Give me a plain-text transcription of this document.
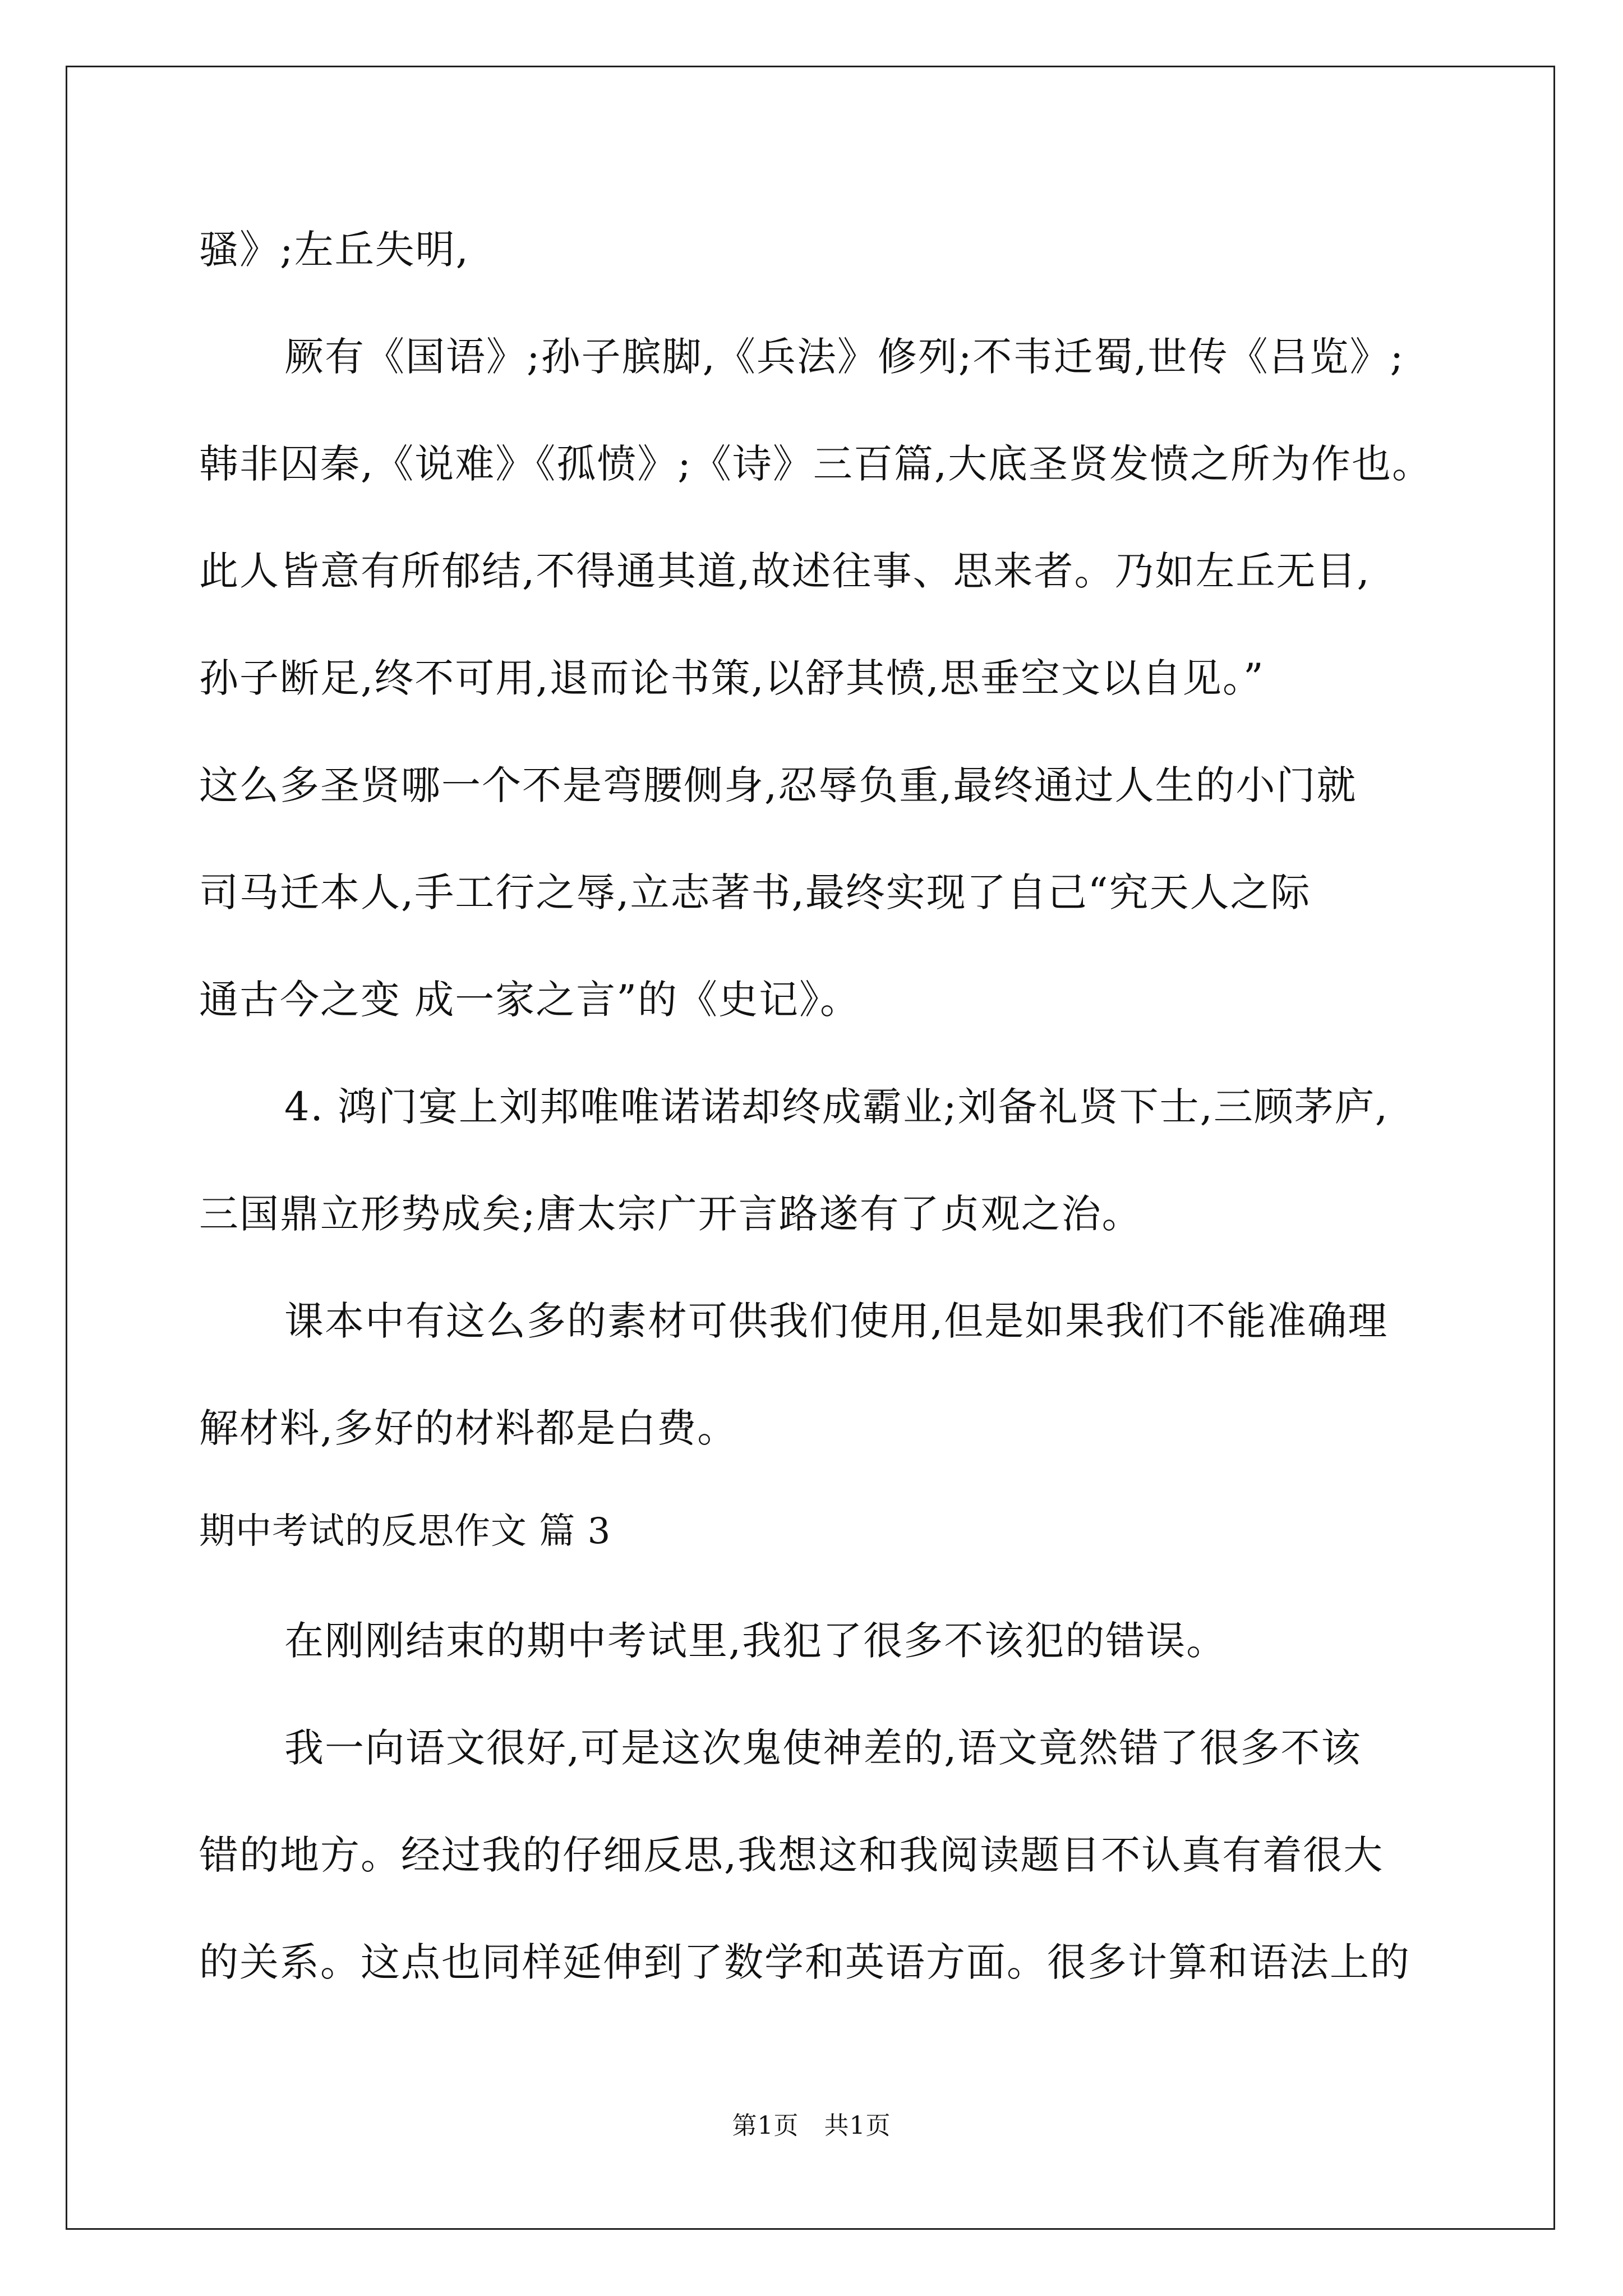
骚》;左丘失明,
厥有《国语》;孙子膑脚,《兵法》修列;不韦迁蜀,世传《吕览》;
韩非囚秦,《说难》《孤愤》;《诗》三百篇,大底圣贤发愤之所为作也。
此人皆意有所郁结,不得通其道,故述往事、思来者。乃如左丘无目,
孙子断足,终不可用,退而论书策,以舒其愤,思垂空文以自见。”
这么多圣贤哪一个不是弯腰侧身,忍辱负重,最终通过人生的小门就
司马迁本人,手工行之辱,立志著书,最终实现了自己“究天人之际
通古今之变 成一家之言”的《史记》。
4. 鸿门宴上刘邦唯唯诺诺却终成霸业;刘备礼贤下士,三顾茅庐,
三国鼎立形势成矣;唐太宗广开言路遂有了贞观之治。
课本中有这么多的素材可供我们使用,但是如果我们不能准确理
解材料,多好的材料都是白费。
期中考试的反思作文 篇 3
在刚刚结束的期中考试里,我犯了很多不该犯的错误。
我一向语文很好,可是这次鬼使神差的,语文竟然错了很多不该
错的地方。经过我的仔细反思,我想这和我阅读题目不认真有着很大
的关系。这点也同样延伸到了数学和英语方面。很多计算和语法上的
第1页　共1页
